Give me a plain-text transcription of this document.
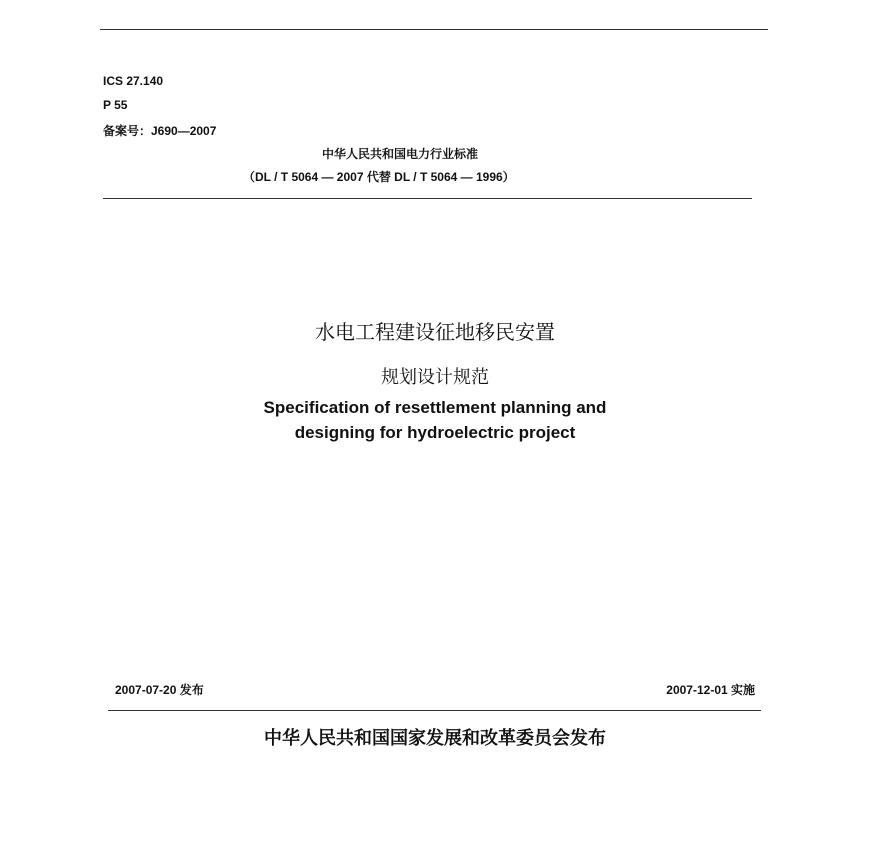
ICS 27.140
P 55
备案号：J690—2007
中华人民共和国电力行业标准
（DL / T 5064 — 2007 代替 DL / T 5064 — 1996）
水电工程建设征地移民安置
规划设计规范
Specification of resettlement planning and
designing for hydroelectric project
2007-07-20 发布	2007-12-01 实施
中华人民共和国国家发展和改革委员会发布
